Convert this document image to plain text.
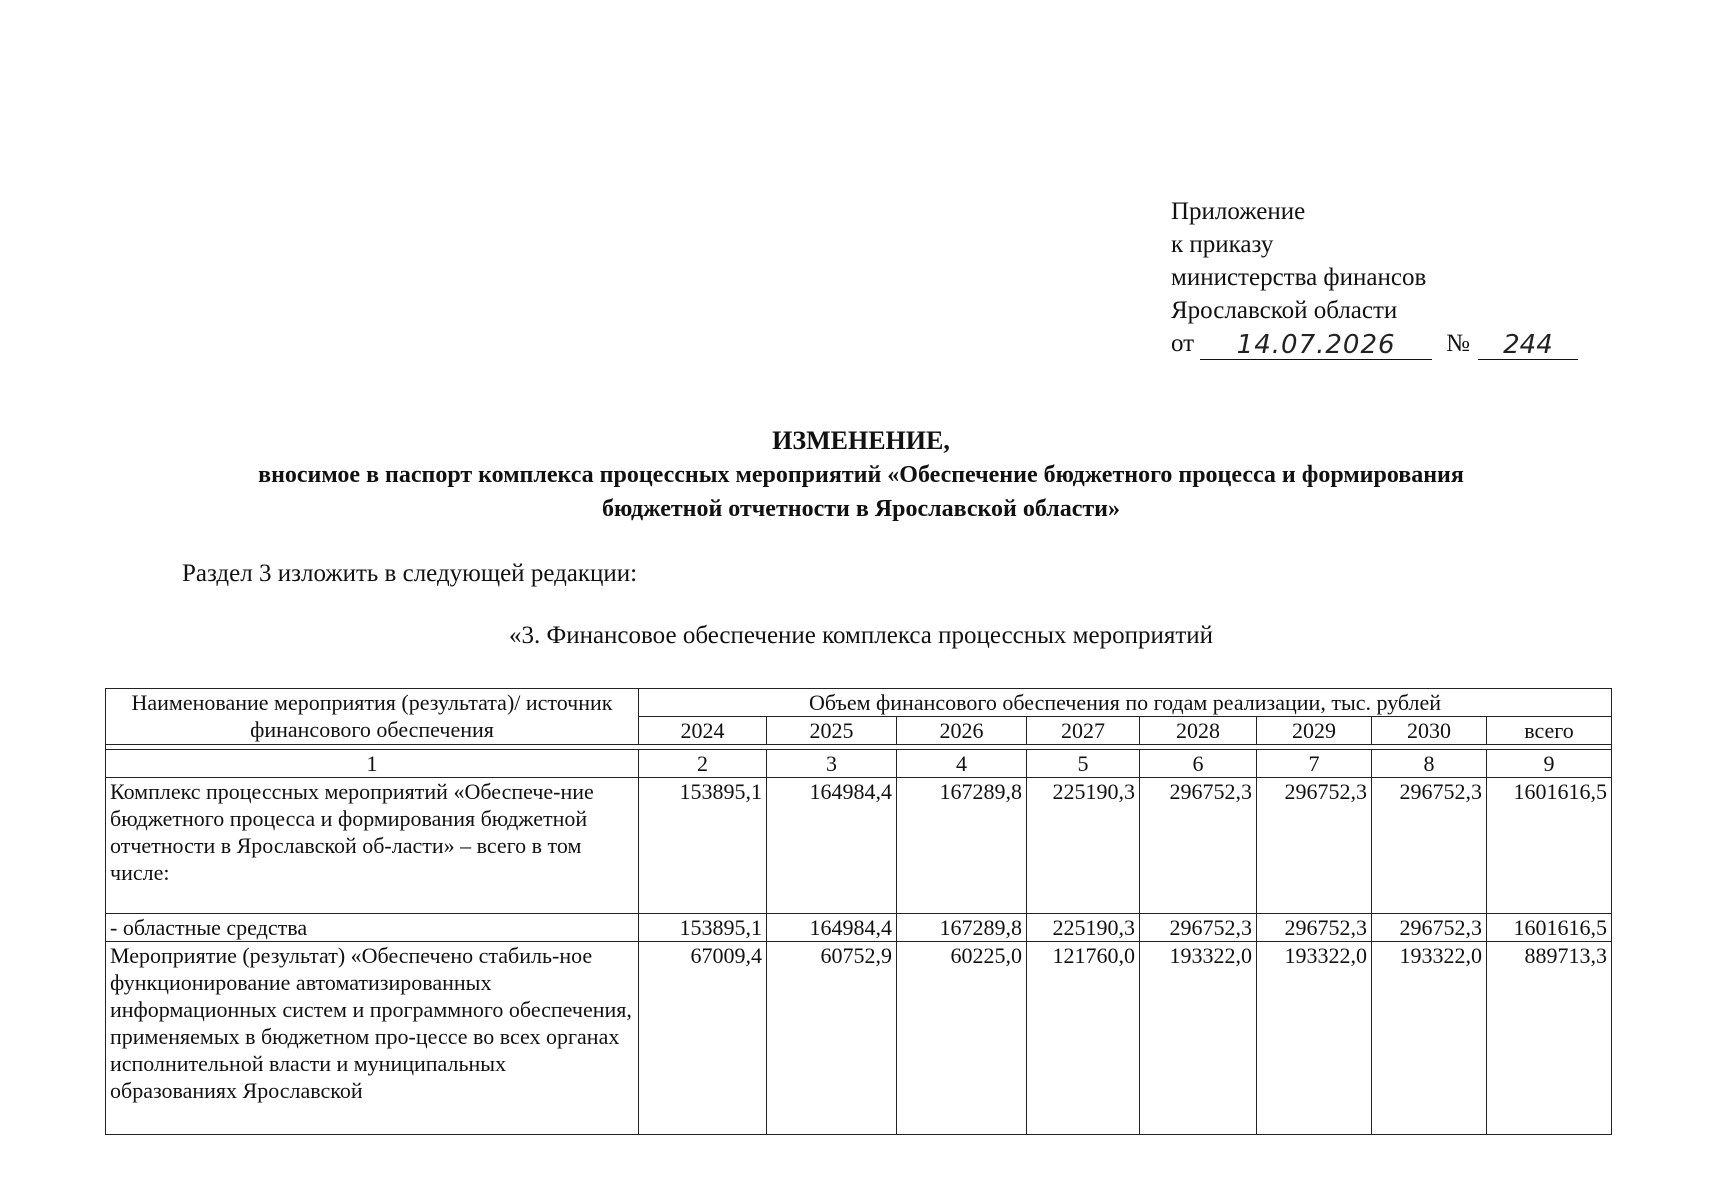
Приложение
к приказу
министерства финансов
Ярославской области
от	14.07.2026	№	244
ИЗМЕНЕНИЕ,
вносимое в паспорт комплекса процессных мероприятий «Обеспечение бюджетного процесса и формирования
бюджетной отчетности в Ярославской области»
Раздел 3 изложить в следующей редакции:
«3. Финансовое обеспечение комплекса процессных мероприятий
Наименование мероприятия (результата)/ источник финансового обеспечения	Объем финансового обеспечения по годам реализации, тыс. рублей							
	2024	2025	2026	2027	2028	2029	2030	всего

1	2	3	4	5	6	7	8	9
Комплекс процессных мероприятий «Обеспече-ние бюджетного процесса и формирования бюджетной отчетности в Ярославской об-ласти» – всего в том числе:	153895,1	164984,4	167289,8	225190,3	296752,3	296752,3	296752,3	1601616,5
- областные средства	153895,1	164984,4	167289,8	225190,3	296752,3	296752,3	296752,3	1601616,5
Мероприятие (результат) «Обеспечено стабиль-ное функционирование автоматизированных информационных систем и программного обеспечения, применяемых в бюджетном про-цессе во всех органах исполнительной власти и муниципальных образованиях Ярославской	67009,4	60752,9	60225,0	121760,0	193322,0	193322,0	193322,0	889713,3
